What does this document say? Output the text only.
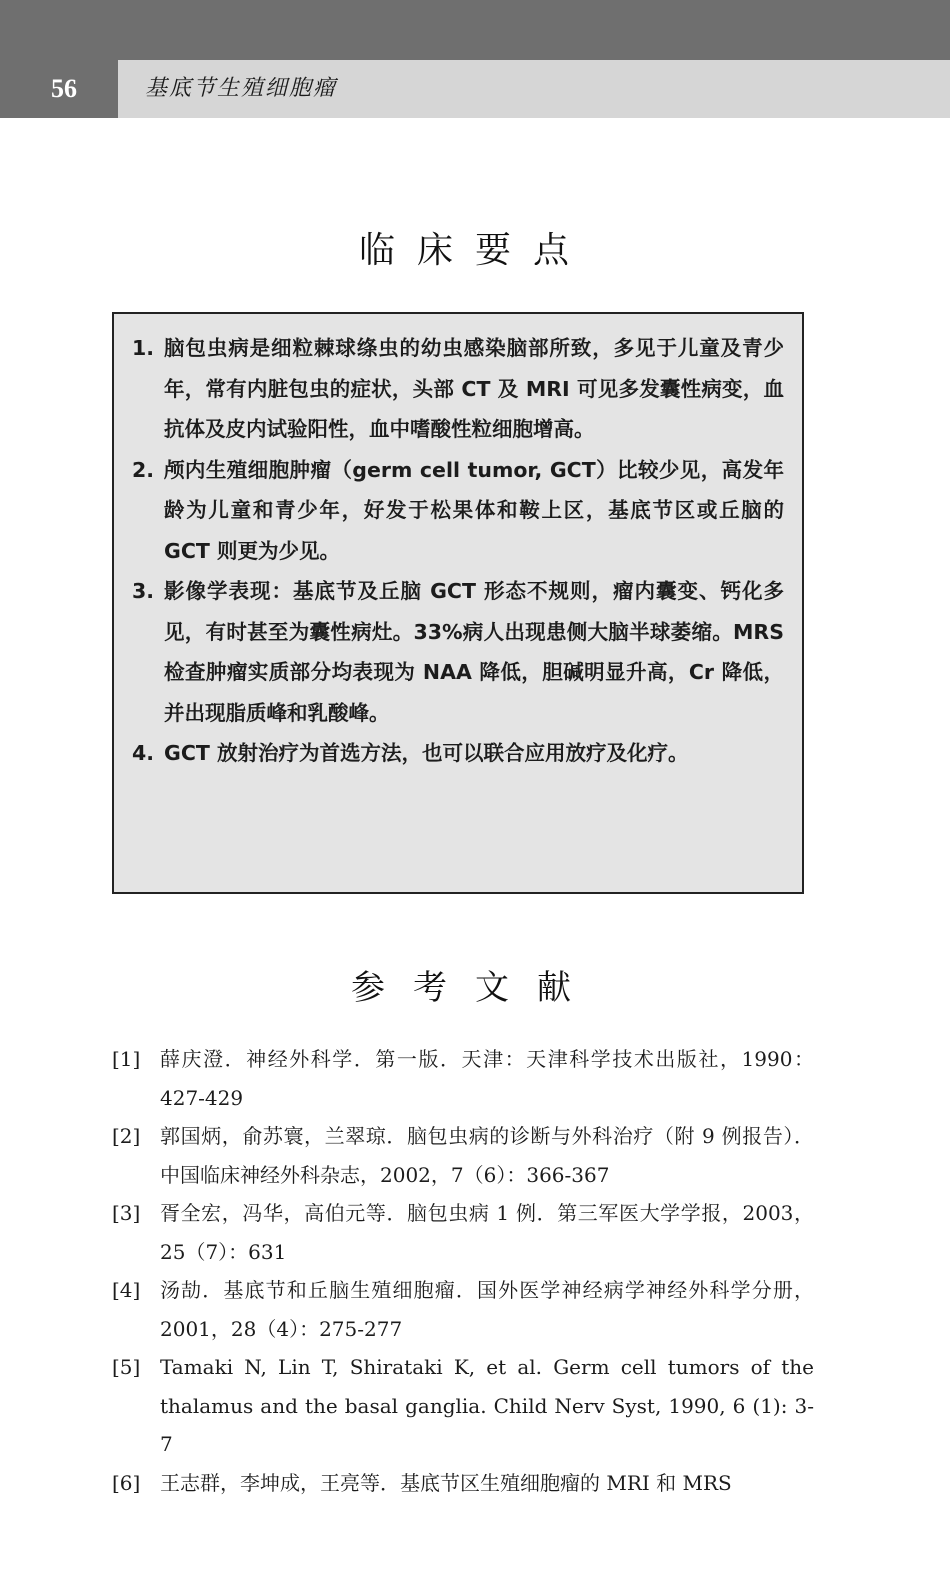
56	基底节生殖细胞瘤
临床要点
1. 脑包虫病是细粒棘球绦虫的幼虫感染脑部所致，多见于儿童及青少年，常有内脏包虫的症状，头部 CT 及 MRI 可见多发囊性病变，血抗体及皮内试验阳性，血中嗜酸性粒细胞增高。
2. 颅内生殖细胞肿瘤（germ cell tumor, GCT）比较少见，高发年龄为儿童和青少年，好发于松果体和鞍上区，基底节区或丘脑的 GCT 则更为少见。
3. 影像学表现：基底节及丘脑 GCT 形态不规则，瘤内囊变、钙化多见，有时甚至为囊性病灶。33%病人出现患侧大脑半球萎缩。MRS 检查肿瘤实质部分均表现为 NAA 降低，胆碱明显升高，Cr 降低，并出现脂质峰和乳酸峰。
4. GCT 放射治疗为首选方法，也可以联合应用放疗及化疗。
参考文献
[1] 薛庆澄．神经外科学．第一版．天津：天津科学技术出版社，1990：427-429
[2] 郭国炳，俞苏寰，兰翠琼．脑包虫病的诊断与外科治疗（附 9 例报告）．中国临床神经外科杂志，2002，7（6）：366-367
[3] 胥全宏，冯华，高伯元等．脑包虫病 1 例．第三军医大学学报，2003，25（7）：631
[4] 汤劼．基底节和丘脑生殖细胞瘤．国外医学神经病学神经外科学分册，2001，28（4）：275-277
[5] Tamaki N, Lin T, Shirataki K, et al. Germ cell tumors of the thalamus and the basal ganglia. Child Nerv Syst, 1990, 6 (1): 3-7
[6] 王志群，李坤成，王亮等．基底节区生殖细胞瘤的 MRI 和 MRS
